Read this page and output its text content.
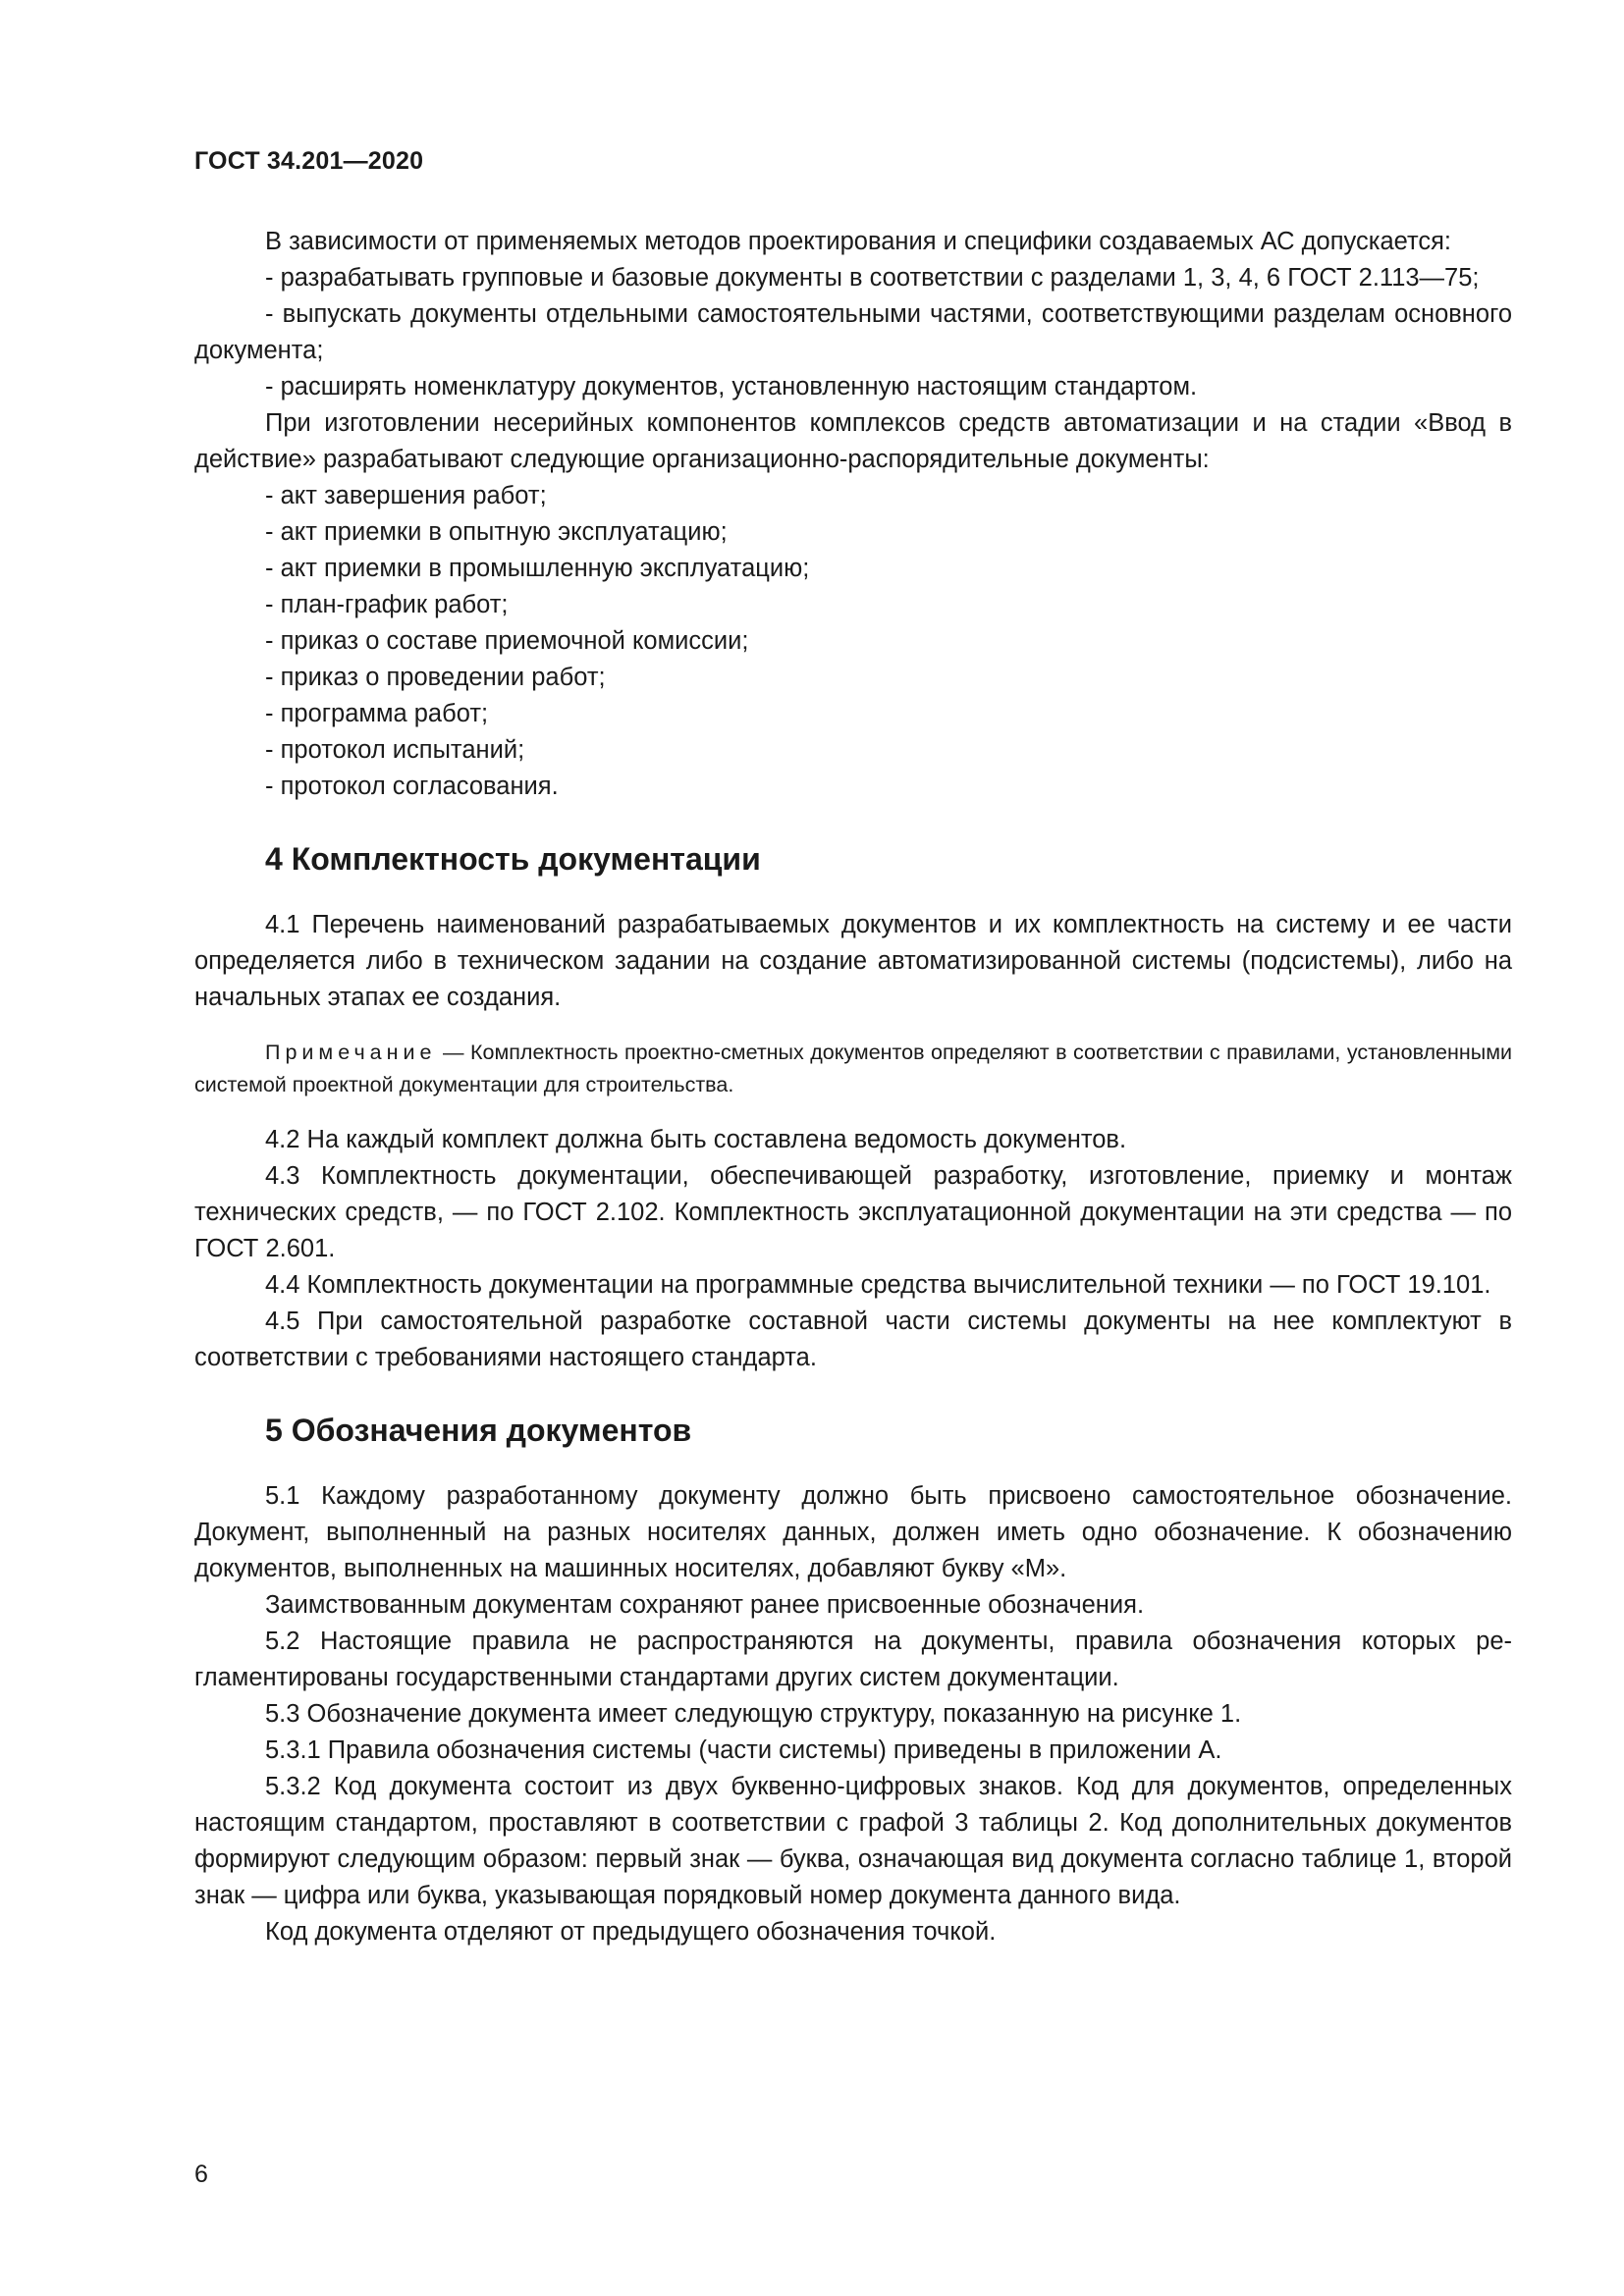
ГОСТ 34.201—2020

В зависимости от применяемых методов проектирования и специфики создаваемых АС допускается:

- разрабатывать групповые и базовые документы в соответствии с разделами 1, 3, 4, 6 ГОСТ 2.113—75;

- выпускать документы отдельными самостоятельными частями, соответствующими разделам основного документа;

- расширять номенклатуру документов, установленную настоящим стандартом.

При изготовлении несерийных компонентов комплексов средств автоматизации и на стадии «Ввод в действие» разрабатывают следующие организационно-распорядительные документы:

- акт завершения работ;
- акт приемки в опытную эксплуатацию;
- акт приемки в промышленную эксплуатацию;
- план-график работ;
- приказ о составе приемочной комиссии;
- приказ о проведении работ;
- программа работ;
- протокол испытаний;
- протокол согласования.
4 Комплектность документации

4.1 Перечень наименований разрабатываемых документов и их комплектность на систему и ее части определяется либо в техническом задании на создание автоматизированной системы (подсистемы), либо на начальных этапах ее создания.

Примечание — Комплектность проектно-сметных документов определяют в соответствии с правилами, установленными системой проектной документации для строительства.

4.2 На каждый комплект должна быть составлена ведомость документов.

4.3 Комплектность документации, обеспечивающей разработку, изготовление, приемку и монтаж технических средств, — по ГОСТ 2.102. Комплектность эксплуатационной документации на эти средства — по ГОСТ 2.601.

4.4 Комплектность документации на программные средства вычислительной техники — по ГОСТ 19.101.

4.5 При самостоятельной разработке составной части системы документы на нее комплектуют в соответствии с требованиями настоящего стандарта.

5 Обозначения документов

5.1 Каждому разработанному документу должно быть присвоено самостоятельное обозначение. Документ, выполненный на разных носителях данных, должен иметь одно обозначение. К обозначению документов, выполненных на машинных носителях, добавляют букву «М».

Заимствованным документам сохраняют ранее присвоенные обозначения.

5.2 Настоящие правила не распространяются на документы, правила обозначения которых регламентированы государственными стандартами других систем документации.

5.3 Обозначение документа имеет следующую структуру, показанную на рисунке 1.

5.3.1 Правила обозначения системы (части системы) приведены в приложении А.

5.3.2 Код документа состоит из двух буквенно-цифровых знаков. Код для документов, определенных настоящим стандартом, проставляют в соответствии с графой 3 таблицы 2. Код дополнительных документов формируют следующим образом: первый знак — буква, означающая вид документа согласно таблице 1, второй знак — цифра или буква, указывающая порядковый номер документа данного вида.

Код документа отделяют от предыдущего обозначения точкой.

6
